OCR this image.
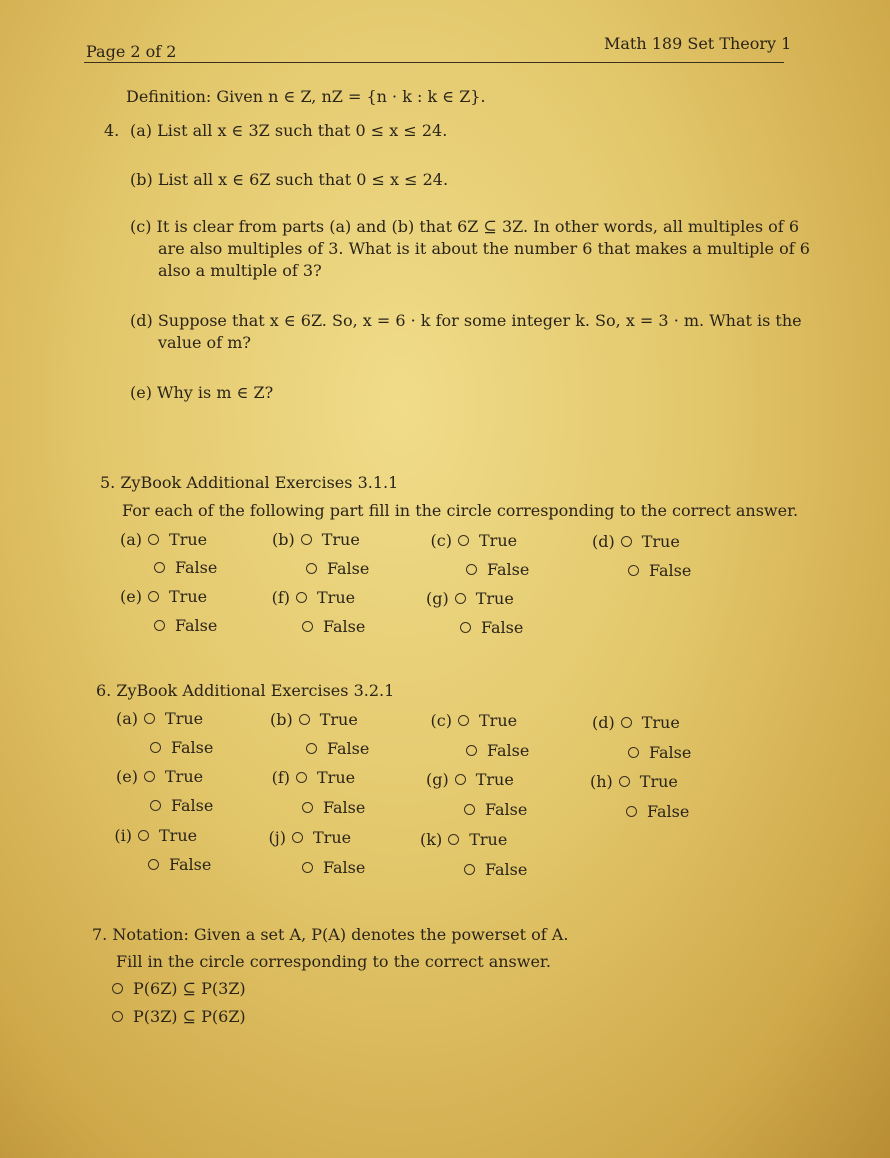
Page 2 of 2	Math 189 Set Theory 1
Definition: Given n ∈ Z, nZ = {n · k : k ∈ Z}.
4. (a) List all x ∈ 3Z such that 0 ≤ x ≤ 24.
(b) List all x ∈ 6Z such that 0 ≤ x ≤ 24.
(c) It is clear from parts (a) and (b) that 6Z ⊆ 3Z. In other words, all multiples of 6
are also multiples of 3. What is it about the number 6 that makes a multiple of 6
also a multiple of 3?
(d) Suppose that x ∈ 6Z. So, x = 6 · k for some integer k. So, x = 3 · m. What is the
value of m?
(e) Why is m ∈ Z?
5. ZyBook Additional Exercises 3.1.1
For each of the following part fill in the circle corresponding to the correct answer.
(a) True	(b) True	(c) True	(d) True
False	False	False	False
(e) True	(f) True	(g) True
False	False	False
6. ZyBook Additional Exercises 3.2.1
(a) True	(b) True	(c) True	(d) True
False	False	False	False
(e) True	(f) True	(g) True	(h) True
False	False	False	False
(i) True	(j) True	(k) True
False	False	False
7. Notation: Given a set A, P(A) denotes the powerset of A.
Fill in the circle corresponding to the correct answer.
P(6Z) ⊆ P(3Z)
P(3Z) ⊆ P(6Z)
